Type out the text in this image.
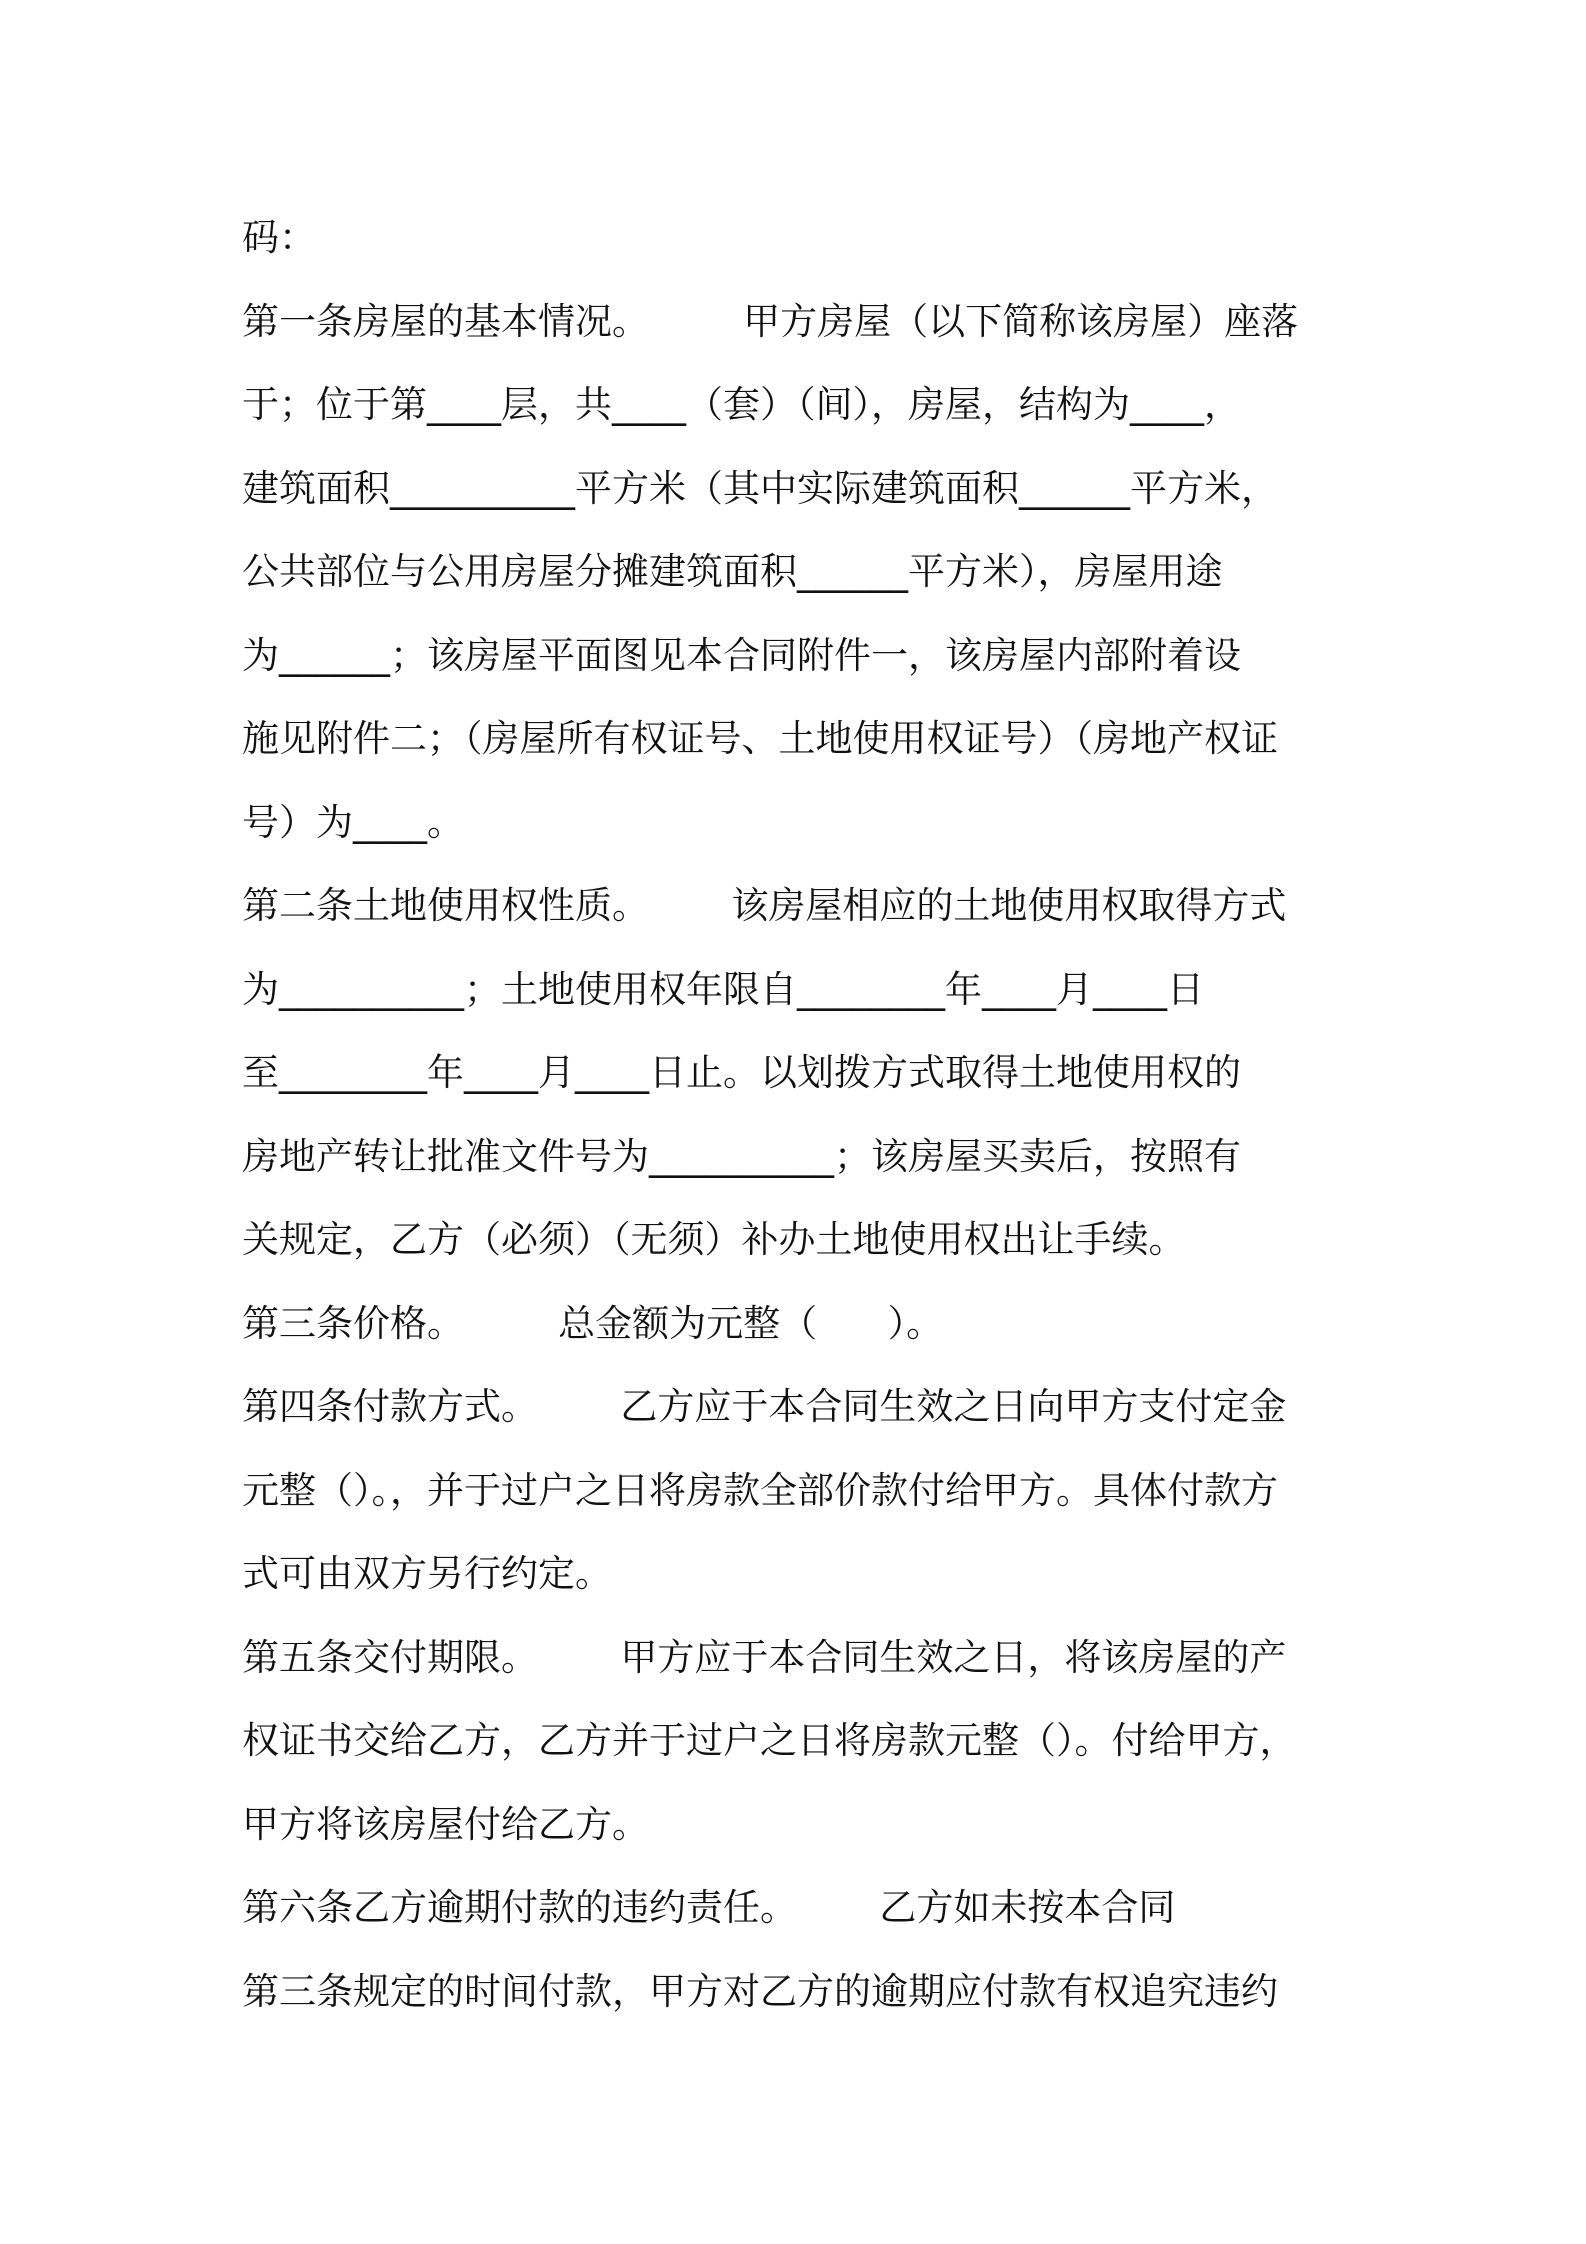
码：
第一条房屋的基本情况。        甲方房屋（以下简称该房屋）座落
于；位于第____层，共____（套）（间），房屋，结构为____，
建筑面积__________平方米（其中实际建筑面积______平方米，
公共部位与公用房屋分摊建筑面积______平方米），房屋用途
为______；该房屋平面图见本合同附件一，该房屋内部附着设
施见附件二；（房屋所有权证号、土地使用权证号）（房地产权证
号）为____。
第二条土地使用权性质。       该房屋相应的土地使用权取得方式
为__________；土地使用权年限自________年____月____日
至________年____月____日止。以划拨方式取得土地使用权的
房地产转让批准文件号为__________；该房屋买卖后，按照有
关规定，乙方（必须）（无须）补办土地使用权出让手续。
第三条价格。        总金额为元整（      ）。
第四条付款方式。       乙方应于本合同生效之日向甲方支付定金
元整（）。，并于过户之日将房款全部价款付给甲方。具体付款方
式可由双方另行约定。
第五条交付期限。       甲方应于本合同生效之日，将该房屋的产
权证书交给乙方，乙方并于过户之日将房款元整（）。付给甲方，
甲方将该房屋付给乙方。
第六条乙方逾期付款的违约责任。       乙方如未按本合同
第三条规定的时间付款，甲方对乙方的逾期应付款有权追究违约
